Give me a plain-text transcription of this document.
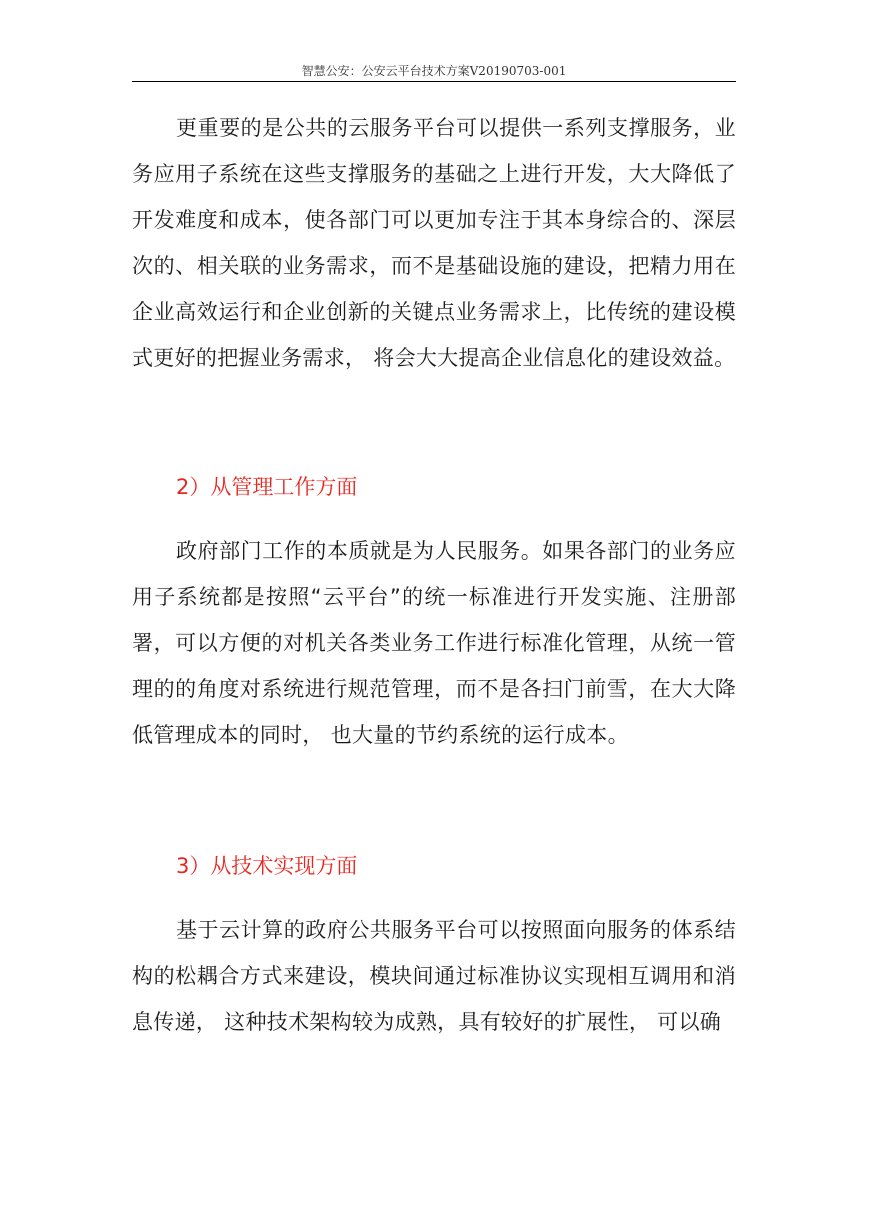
智慧公安：公安云平台技术方案V20190703-001

更重要的是公共的云服务平台可以提供一系列支撑服务，业务应用子系统在这些支撑服务的基础之上进行开发，大大降低了开发难度和成本，使各部门可以更加专注于其本身综合的、深层次的、相关联的业务需求，而不是基础设施的建设，把精力用在企业高效运行和企业创新的关键点业务需求上，比传统的建设模式更好的把握业务需求， 将会大大提高企业信息化的建设效益。

2）从管理工作方面

政府部门工作的本质就是为人民服务。如果各部门的业务应用子系统都是按照“云平台”的统一标准进行开发实施、注册部署，可以方便的对机关各类业务工作进行标准化管理，从统一管理的的角度对系统进行规范管理，而不是各扫门前雪，在大大降低管理成本的同时， 也大量的节约系统的运行成本。

3）从技术实现方面

基于云计算的政府公共服务平台可以按照面向服务的体系结构的松耦合方式来建设，模块间通过标准协议实现相互调用和消息传递， 这种技术架构较为成熟，具有较好的扩展性， 可以确
